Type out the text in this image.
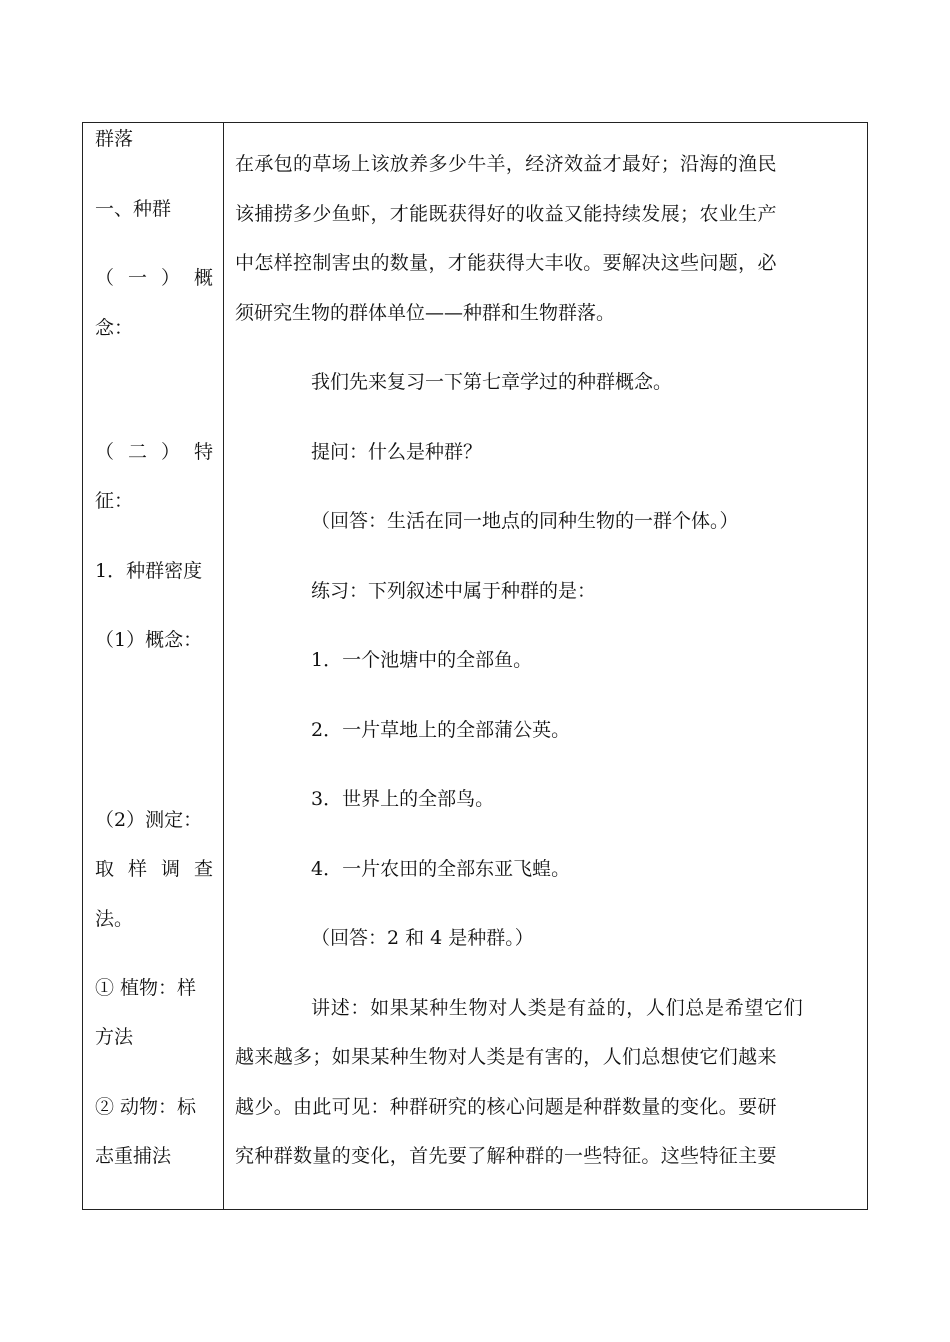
群落
一、种群
（ 一 ） 概
念：
（ 二 ） 特
征：
1．种群密度
（1）概念：
（2）测定：
取 样 调 查
法。
① 植物：样
方法
② 动物：标
志重捕法
在承包的草场上该放养多少牛羊，经济效益才最好；沿海的渔民
该捕捞多少鱼虾，才能既获得好的收益又能持续发展；农业生产
中怎样控制害虫的数量，才能获得大丰收。要解决这些问题，必
须研究生物的群体单位——种群和生物群落。
我们先来复习一下第七章学过的种群概念。
提问：什么是种群？
（回答：生活在同一地点的同种生物的一群个体。）
练习：下列叙述中属于种群的是：
1．一个池塘中的全部鱼。
2．一片草地上的全部蒲公英。
3．世界上的全部鸟。
4．一片农田的全部东亚飞蝗。
（回答：2 和 4 是种群。）
讲述：如果某种生物对人类是有益的，人们总是希望它们
越来越多；如果某种生物对人类是有害的，人们总想使它们越来
越少。由此可见：种群研究的核心问题是种群数量的变化。要研
究种群数量的变化，首先要了解种群的一些特征。这些特征主要
